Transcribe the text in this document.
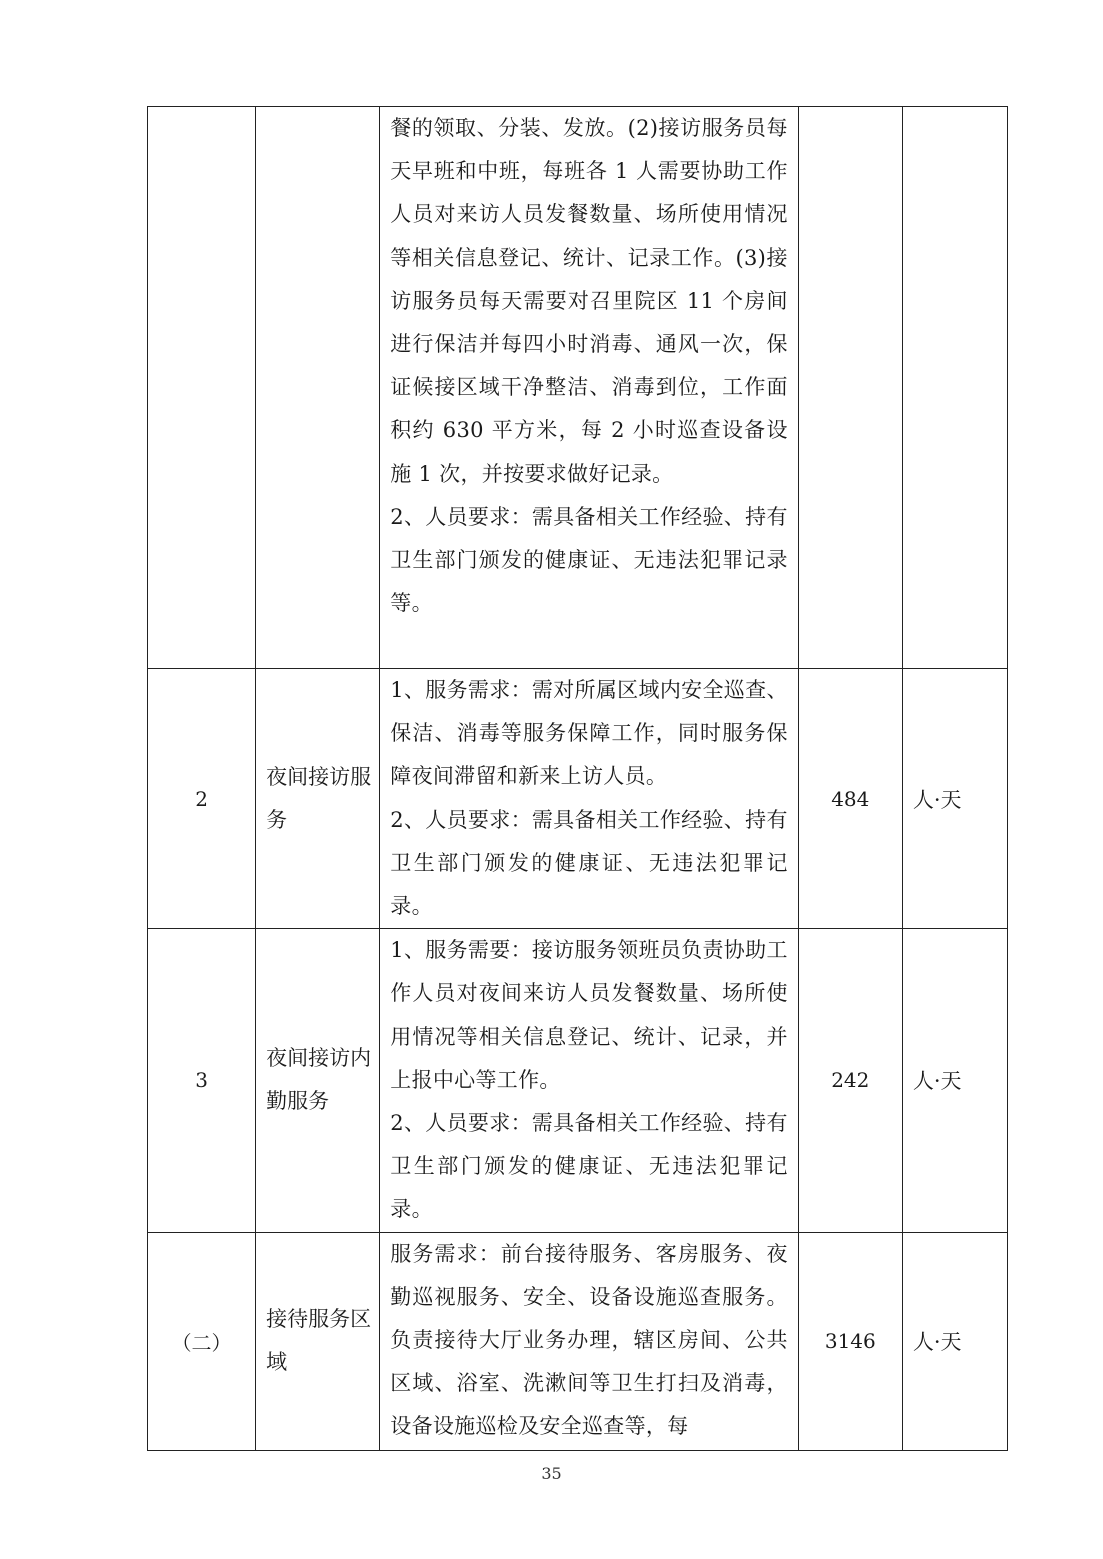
		餐的领取、分装、发放。(2)接访服务员每天早班和中班，每班各 1 人需要协助工作人员对来访人员发餐数量、场所使用情况等相关信息登记、统计、记录工作。(3)接访服务员每天需要对召里院区 11 个房间进行保洁并每四小时消毒、通风一次，保证候接区域干净整洁、消毒到位，工作面积约 630 平方米，每 2 小时巡查设备设施 1 次，并按要求做好记录。
2、人员要求：需具备相关工作经验、持有卫生部门颁发的健康证、无违法犯罪记录等。		

2	夜间接访服务	1、服务需求：需对所属区域内安全巡查、保洁、消毒等服务保障工作，同时服务保障夜间滞留和新来上访人员。
2、人员要求：需具备相关工作经验、持有卫生部门颁发的健康证、无违法犯罪记录。	484	人·天
3	夜间接访内勤服务	1、服务需要：接访服务领班员负责协助工作人员对夜间来访人员发餐数量、场所使用情况等相关信息登记、统计、记录，并上报中心等工作。
2、人员要求：需具备相关工作经验、持有卫生部门颁发的健康证、无违法犯罪记录。	242	人·天
（二）	接待服务区域	服务需求：前台接待服务、客房服务、夜勤巡视服务、安全、设备设施巡查服务。负责接待大厅业务办理，辖区房间、公共区域、浴室、洗漱间等卫生打扫及消毒，设备设施巡检及安全巡查等，每	3146	人·天
35
